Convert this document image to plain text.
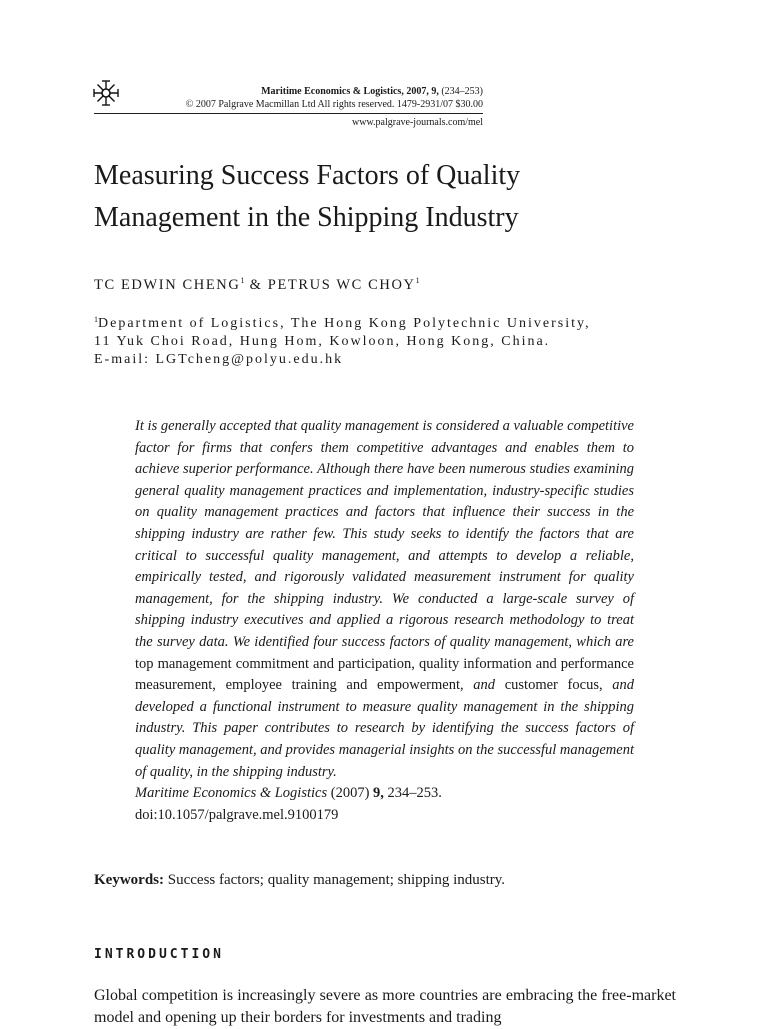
Maritime Economics & Logistics, 2007, 9, (234–253)
© 2007 Palgrave Macmillan Ltd All rights reserved. 1479-2931/07 $30.00
www.palgrave-journals.com/mel
Measuring Success Factors of Quality
Management in the Shipping Industry
TC EDWIN CHENG$^1$ & PETRUS WC CHOY$^1$
$^1$Department of Logistics, The Hong Kong Polytechnic University,
11 Yuk Choi Road, Hung Hom, Kowloon, Hong Kong, China.
E-mail: LGTcheng@polyu.edu.hk
It is generally accepted that quality management is considered a valuable competitive factor for firms that confers them competitive advantages and enables them to achieve superior performance. Although there have been numerous studies examining general quality management practices and implementation, industry-specific studies on quality management practices and factors that influence their success in the shipping industry are rather few. This study seeks to identify the factors that are critical to successful quality management, and attempts to develop a reliable, empirically tested, and rigorously validated measurement instrument for quality management, for the shipping industry. We conducted a large-scale survey of shipping industry executives and applied a rigorous research methodology to treat the survey data. We identified four success factors of quality management, which are top management commitment and participation, quality information and performance measurement, employee training and empowerment, and customer focus, and developed a functional instrument to measure quality management in the shipping industry. This paper contributes to research by identifying the success factors of quality management, and provides managerial insights on the successful management of quality, in the shipping industry.
Maritime Economics & Logistics (2007) 9, 234–253.
doi:10.1057/palgrave.mel.9100179
Keywords: Success factors; quality management; shipping industry.
INTRODUCTION
Global competition is increasingly severe as more countries are embracing the free-market model and opening up their borders for investments and trading
